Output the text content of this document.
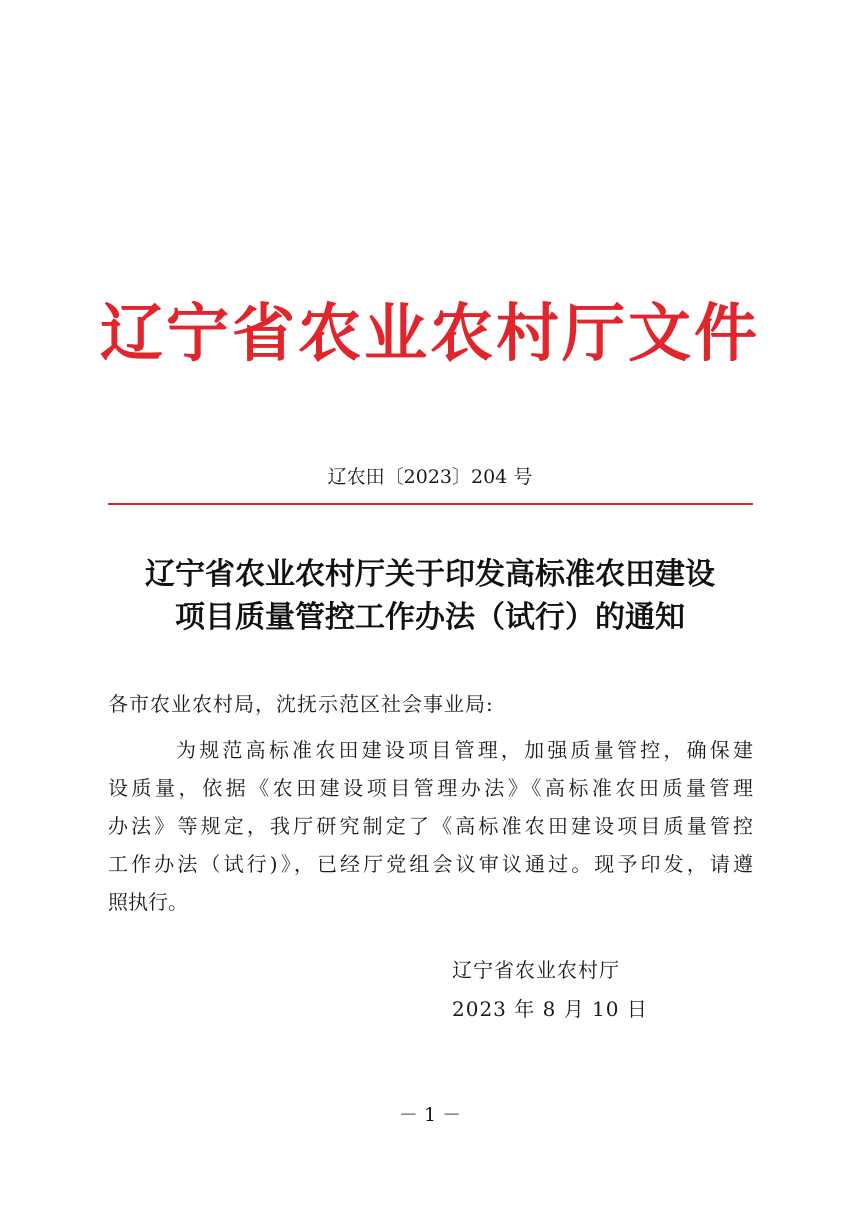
辽宁省农业农村厅文件
辽农田〔2023〕204 号
辽宁省农业农村厅关于印发高标准农田建设
项目质量管控工作办法（试行）的通知
各市农业农村局，沈抚示范区社会事业局:
为规范高标准农田建设项目管理，加强质量管控，确保建
设质量，依据《农田建设项目管理办法》《高标准农田质量管理
办法》等规定，我厅研究制定了《高标准农田建设项目质量管控
工作办法（试行)》，已经厅党组会议审议通过。现予印发，请遵
照执行。
辽宁省农业农村厅
2023 年 8 月 10 日
－ 1 －
